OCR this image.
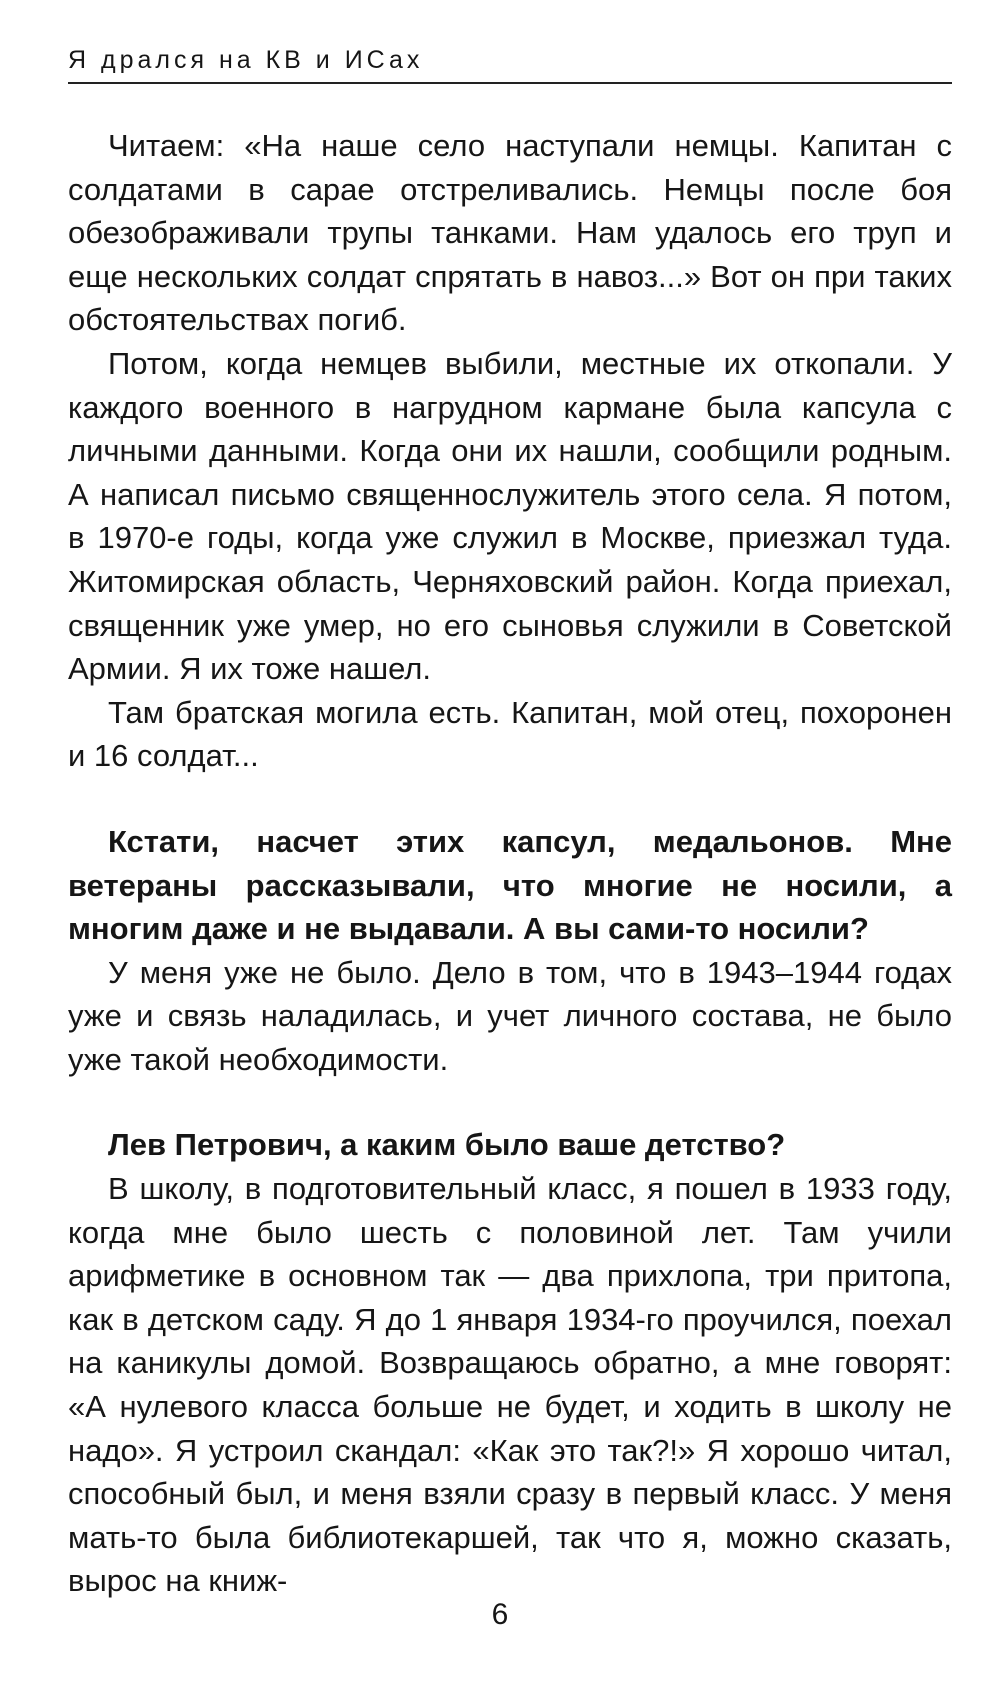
Я дрался на КВ и ИСах

Читаем: «На наше село наступали немцы. Капитан с солдатами в сарае отстреливались. Немцы после боя обезображивали трупы танками. Нам удалось его труп и еще нескольких солдат спрятать в навоз...» Вот он при таких обстоятельствах погиб.

Потом, когда немцев выбили, местные их откопали. У каждого военного в нагрудном кармане была капсула с личными данными. Когда они их нашли, сообщили родным. А написал письмо священнослужитель этого села. Я потом, в 1970-е годы, когда уже служил в Москве, приезжал туда. Житомирская область, Черняховский район. Когда приехал, священник уже умер, но его сыновья служили в Советской Армии. Я их тоже нашел.

Там братская могила есть. Капитан, мой отец, похоронен и 16 солдат...

Кстати, насчет этих капсул, медальонов. Мне ветераны рассказывали, что многие не носили, а многим даже и не выдавали. А вы сами-то носили?

У меня уже не было. Дело в том, что в 1943–1944 годах уже и связь наладилась, и учет личного состава, не было уже такой необходимости.

Лев Петрович, а каким было ваше детство?

В школу, в подготовительный класс, я пошел в 1933 году, когда мне было шесть с половиной лет. Там учили арифметике в основном так — два прихлопа, три притопа, как в детском саду. Я до 1 января 1934-го проучился, поехал на каникулы домой. Возвращаюсь обратно, а мне говорят: «А нулевого класса больше не будет, и ходить в школу не надо». Я устроил скандал: «Как это так?!» Я хорошо читал, способный был, и меня взяли сразу в первый класс. У меня мать-то была библиотекаршей, так что я, можно сказать, вырос на книж-

6
